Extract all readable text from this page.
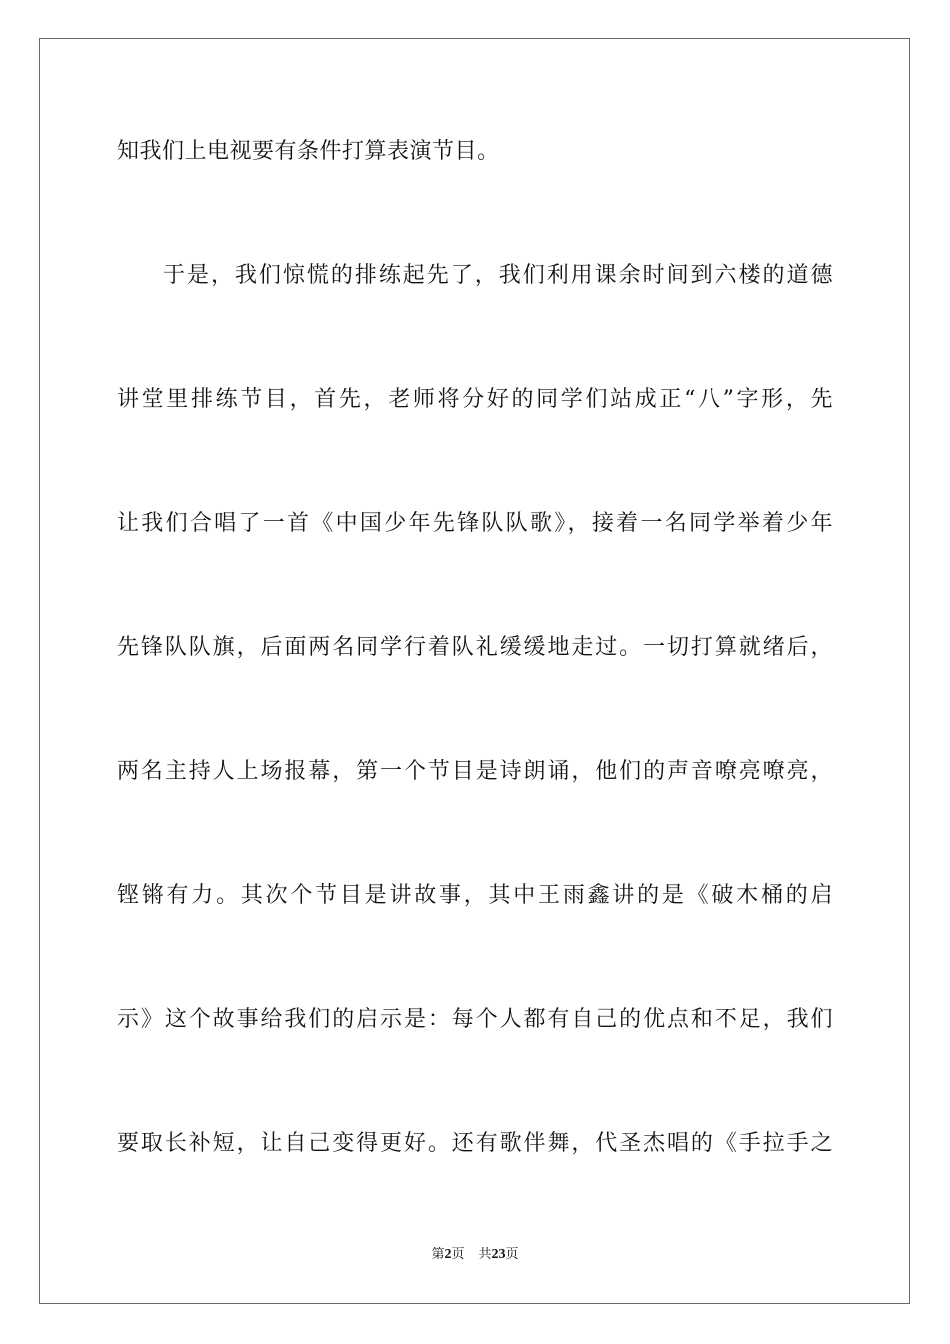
知我们上电视要有条件打算表演节目。
于是，我们惊慌的排练起先了，我们利用课余时间到六楼的道德
讲堂里排练节目，首先，老师将分好的同学们站成正“八”字形，先
让我们合唱了一首《中国少年先锋队队歌》，接着一名同学举着少年
先锋队队旗，后面两名同学行着队礼缓缓地走过。一切打算就绪后，
两名主持人上场报幕，第一个节目是诗朗诵，他们的声音嘹亮嘹亮，
铿锵有力。其次个节目是讲故事，其中王雨鑫讲的是《破木桶的启
示》这个故事给我们的启示是：每个人都有自己的优点和不足，我们
要取长补短，让自己变得更好。还有歌伴舞，代圣杰唱的《手拉手之
第2页 共23页
